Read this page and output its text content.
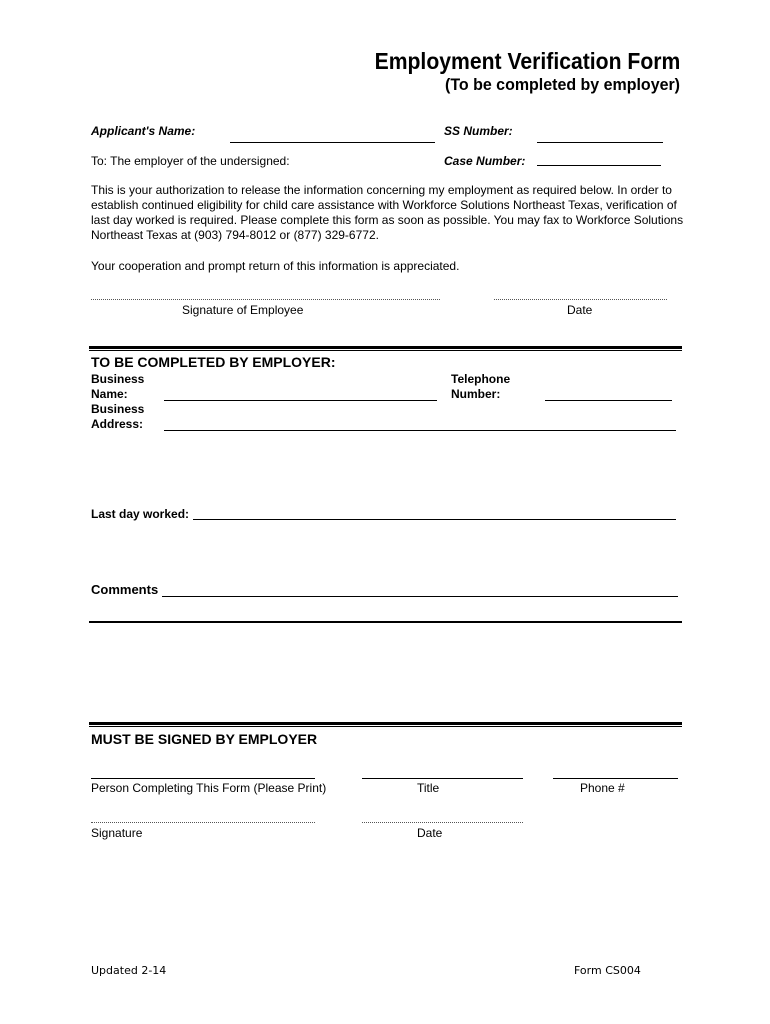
Employment Verification Form
(To be completed by employer)
Applicant's Name:	SS Number:
To: The employer of the undersigned:	Case Number:
This is your authorization to release the information concerning my employment as required below. In order to establish continued eligibility for child care assistance with Workforce Solutions Northeast Texas, verification of last day worked is required. Please complete this form as soon as possible. You may fax to Workforce Solutions Northeast Texas at (903) 794-8012 or (877) 329-6772.
Your cooperation and prompt return of this information is appreciated.
Signature of Employee	Date
TO BE COMPLETED BY EMPLOYER:
Business
Name:
Telephone
Number:
Business
Address:
Last day worked:
Comments
MUST BE SIGNED BY EMPLOYER
Person Completing This Form (Please Print)	Title	Phone #
Signature	Date
Updated 2-14	Form CS004
